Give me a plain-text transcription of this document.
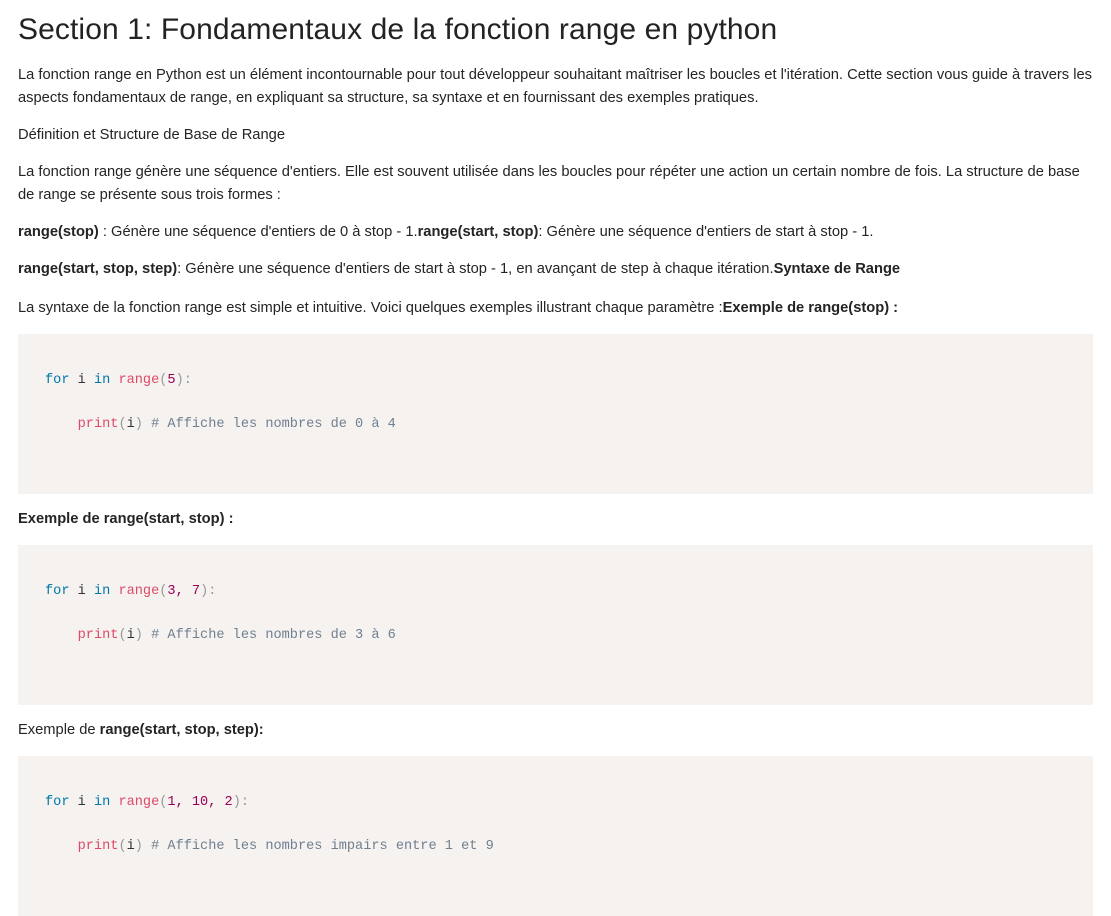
Section 1: Fondamentaux de la fonction range en python

La fonction range en Python est un élément incontournable pour tout développeur souhaitant maîtriser les boucles et l'itération. Cette section vous guide à travers les aspects fondamentaux de range, en expliquant sa structure, sa syntaxe et en fournissant des exemples pratiques.

Définition et Structure de Base de Range

La fonction range génère une séquence d'entiers. Elle est souvent utilisée dans les boucles pour répéter une action un certain nombre de fois. La structure de base de range se présente sous trois formes :

range(stop) : Génère une séquence d'entiers de 0 à stop - 1.range(start, stop): Génère une séquence d'entiers de start à stop - 1.

range(start, stop, step): Génère une séquence d'entiers de start à stop - 1, en avançant de step à chaque itération.Syntaxe de Range

La syntaxe de la fonction range est simple et intuitive. Voici quelques exemples illustrant chaque paramètre :Exemple de range(stop) :

for i in range(5):

print(i) # Affiche les nombres de 0 à 4

Exemple de range(start, stop) :

for i in range(3, 7):

print(i) # Affiche les nombres de 3 à 6

Exemple de range(start, stop, step):

for i in range(1, 10, 2):

print(i) # Affiche les nombres impairs entre 1 et 9
